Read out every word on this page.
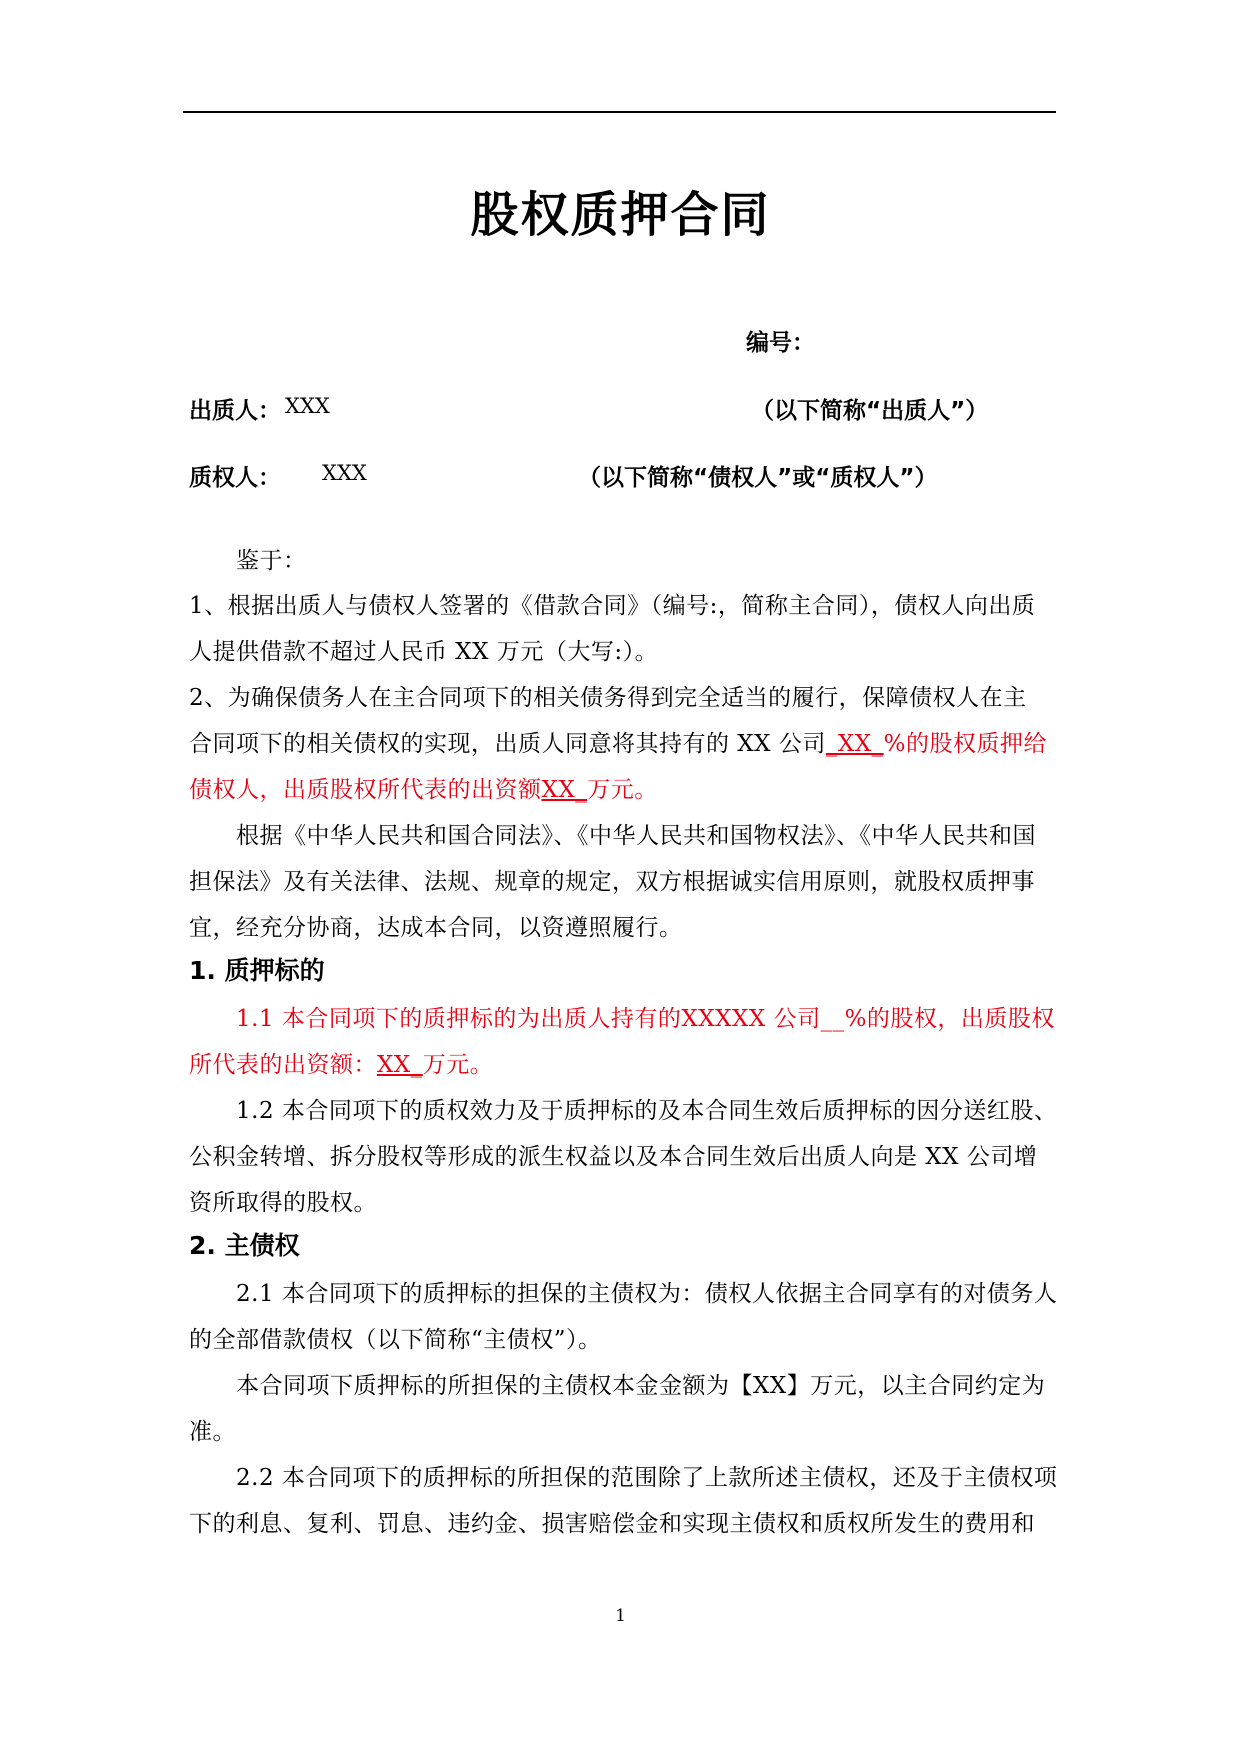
股权质押合同
编号：
出质人： XXX	（以下简称“出质人”）
质权人： XXX	（以下简称“债权人”或“质权人”）
鉴于：
1、根据出质人与债权人签署的《借款合同》（编号:，简称主合同），债权人向出质
人提供借款不超过人民币 XX 万元（大写:）。
2、为确保债务人在主合同项下的相关债务得到完全适当的履行，保障债权人在主
合同项下的相关债权的实现，出质人同意将其持有的 XX 公司_XX_%的股权质押给
债权人，出质股权所代表的出资额XX_万元。
根据《中华人民共和国合同法》、《中华人民共和国物权法》、《中华人民共和国
担保法》及有关法律、法规、规章的规定，双方根据诚实信用原则，就股权质押事
宜，经充分协商，达成本合同，以资遵照履行。
1. 质押标的
1.1 本合同项下的质押标的为出质人持有的XXXXX 公司__%的股权，出质股权
所代表的出资额：XX_万元。
1.2 本合同项下的质权效力及于质押标的及本合同生效后质押标的因分送红股、
公积金转增、拆分股权等形成的派生权益以及本合同生效后出质人向是 XX 公司增
资所取得的股权。
2. 主债权
2.1 本合同项下的质押标的担保的主债权为：债权人依据主合同享有的对债务人
的全部借款债权（以下简称“主债权”）。
本合同项下质押标的所担保的主债权本金金额为【XX】万元，以主合同约定为
准。
2.2 本合同项下的质押标的所担保的范围除了上款所述主债权，还及于主债权项
下的利息、复利、罚息、违约金、损害赔偿金和实现主债权和质权所发生的费用和
1
